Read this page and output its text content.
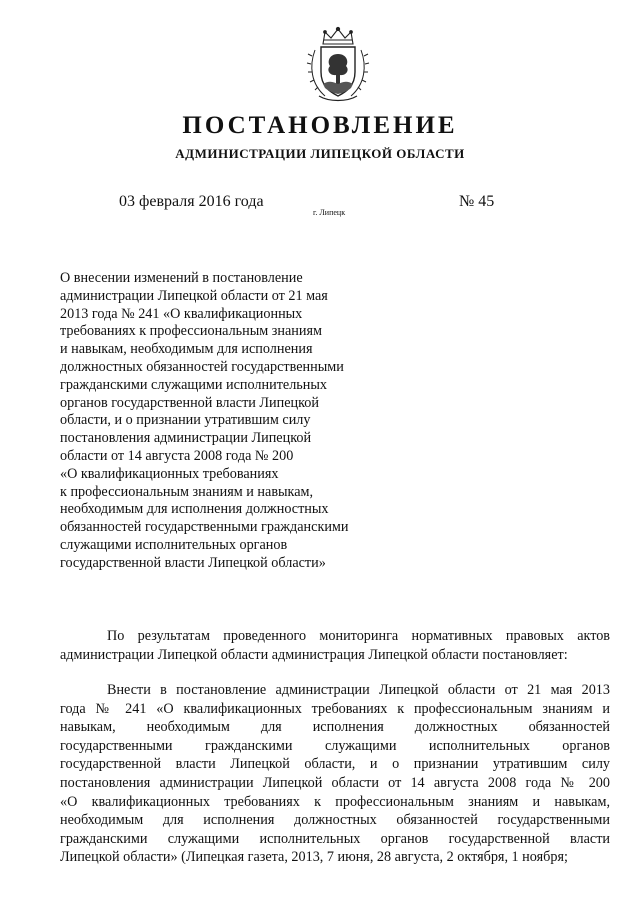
ПОСТАНОВЛЕНИЕ
АДМИНИСТРАЦИИ ЛИПЕЦКОЙ ОБЛАСТИ
03 февраля 2016 года
г. Липецк
№ 45
О внесении изменений в постановление
администрации Липецкой области от 21 мая
2013 года № 241 «О квалификационных
требованиях к профессиональным знаниям
и навыкам, необходимым для исполнения
должностных обязанностей государственными
гражданскими служащими исполнительных
органов государственной власти Липецкой
области, и о признании утратившим силу
постановления администрации Липецкой
области от 14 августа 2008 года № 200
«О квалификационных требованиях
к профессиональным знаниям и навыкам,
необходимым для исполнения должностных
обязанностей государственными гражданскими
служащими исполнительных органов
государственной власти Липецкой области»
По результатам проведенного мониторинга нормативных правовых актов
администрации Липецкой области администрация Липецкой области постановляет:
Внести в постановление администрации Липецкой области от 21 мая 2013
года № 241 «О квалификационных требованиях к профессиональным знаниям и
навыкам, необходимым для исполнения должностных обязанностей
государственными гражданскими служащими исполнительных органов
государственной власти Липецкой области, и о признании утратившим силу
постановления администрации Липецкой области от 14 августа 2008 года № 200
«О квалификационных требованиях к профессиональным знаниям и навыкам,
необходимым для исполнения должностных обязанностей государственными
гражданскими служащими исполнительных органов государственной власти
Липецкой области» (Липецкая газета, 2013, 7 июня, 28 августа, 2 октября, 1 ноября;
